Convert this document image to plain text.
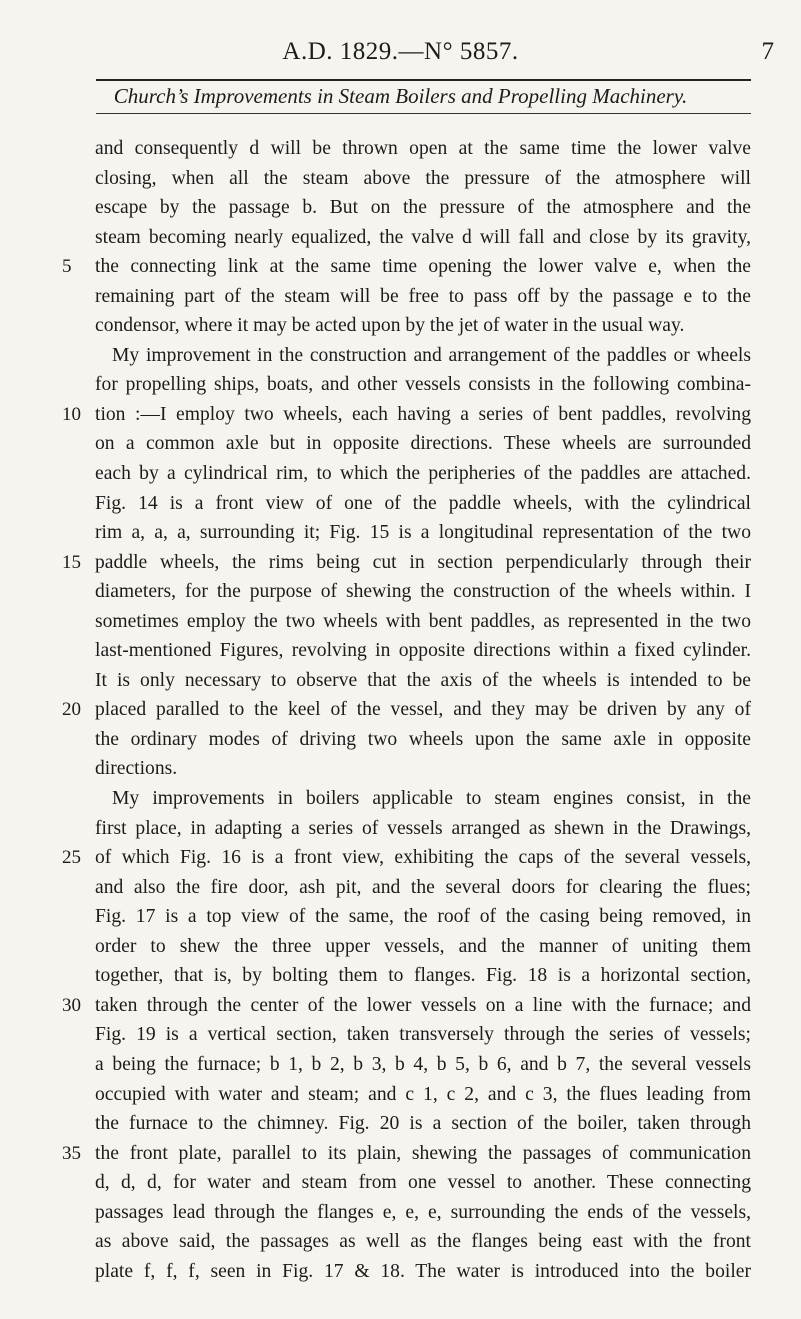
A.D. 1829.—N° 5857.	7
Church’s Improvements in Steam Boilers and Propelling Machinery.
and consequently d will be thrown open at the same time the lower valve
closing, when all the steam above the pressure of the atmosphere will
escape by the passage b. But on the pressure of the atmosphere and the
steam becoming nearly equalized, the valve d will fall and close by its gravity,
5	the connecting link at the same time opening the lower valve e, when the
remaining part of the steam will be free to pass off by the passage e to the
condensor, where it may be acted upon by the jet of water in the usual way.
My improvement in the construction and arrangement of the paddles or wheels
for propelling ships, boats, and other vessels consists in the following combina-
10 tion :—I employ two wheels, each having a series of bent paddles, revolving
on a common axle but in opposite directions. These wheels are surrounded
each by a cylindrical rim, to which the peripheries of the paddles are attached.
Fig. 14 is a front view of one of the paddle wheels, with the cylindrical
rim a, a, a, surrounding it; Fig. 15 is a longitudinal representation of the two
15 paddle wheels, the rims being cut in section perpendicularly through their
diameters, for the purpose of shewing the construction of the wheels within. I
sometimes employ the two wheels with bent paddles, as represented in the two
last-mentioned Figures, revolving in opposite directions within a fixed cylinder.
It is only necessary to observe that the axis of the wheels is intended to be
20 placed paralled to the keel of the vessel, and they may be driven by any of
the ordinary modes of driving two wheels upon the same axle in opposite
directions.
My improvements in boilers applicable to steam engines consist, in the
first place, in adapting a series of vessels arranged as shewn in the Drawings,
25 of which Fig. 16 is a front view, exhibiting the caps of the several vessels,
and also the fire door, ash pit, and the several doors for clearing the flues;
Fig. 17 is a top view of the same, the roof of the casing being removed, in
order to shew the three upper vessels, and the manner of uniting them
together, that is, by bolting them to flanges. Fig. 18 is a horizontal section,
30 taken through the center of the lower vessels on a line with the furnace; and
Fig. 19 is a vertical section, taken transversely through the series of vessels;
a being the furnace; b 1, b 2, b 3, b 4, b 5, b 6, and b 7, the several vessels
occupied with water and steam; and c 1, c 2, and c 3, the flues leading from
the furnace to the chimney. Fig. 20 is a section of the boiler, taken through
35 the front plate, parallel to its plain, shewing the passages of communication
d, d, d, for water and steam from one vessel to another. These connecting
passages lead through the flanges e, e, e, surrounding the ends of the vessels,
as above said, the passages as well as the flanges being east with the front
plate f, f, f, seen in Fig. 17 & 18. The water is introduced into the boiler
